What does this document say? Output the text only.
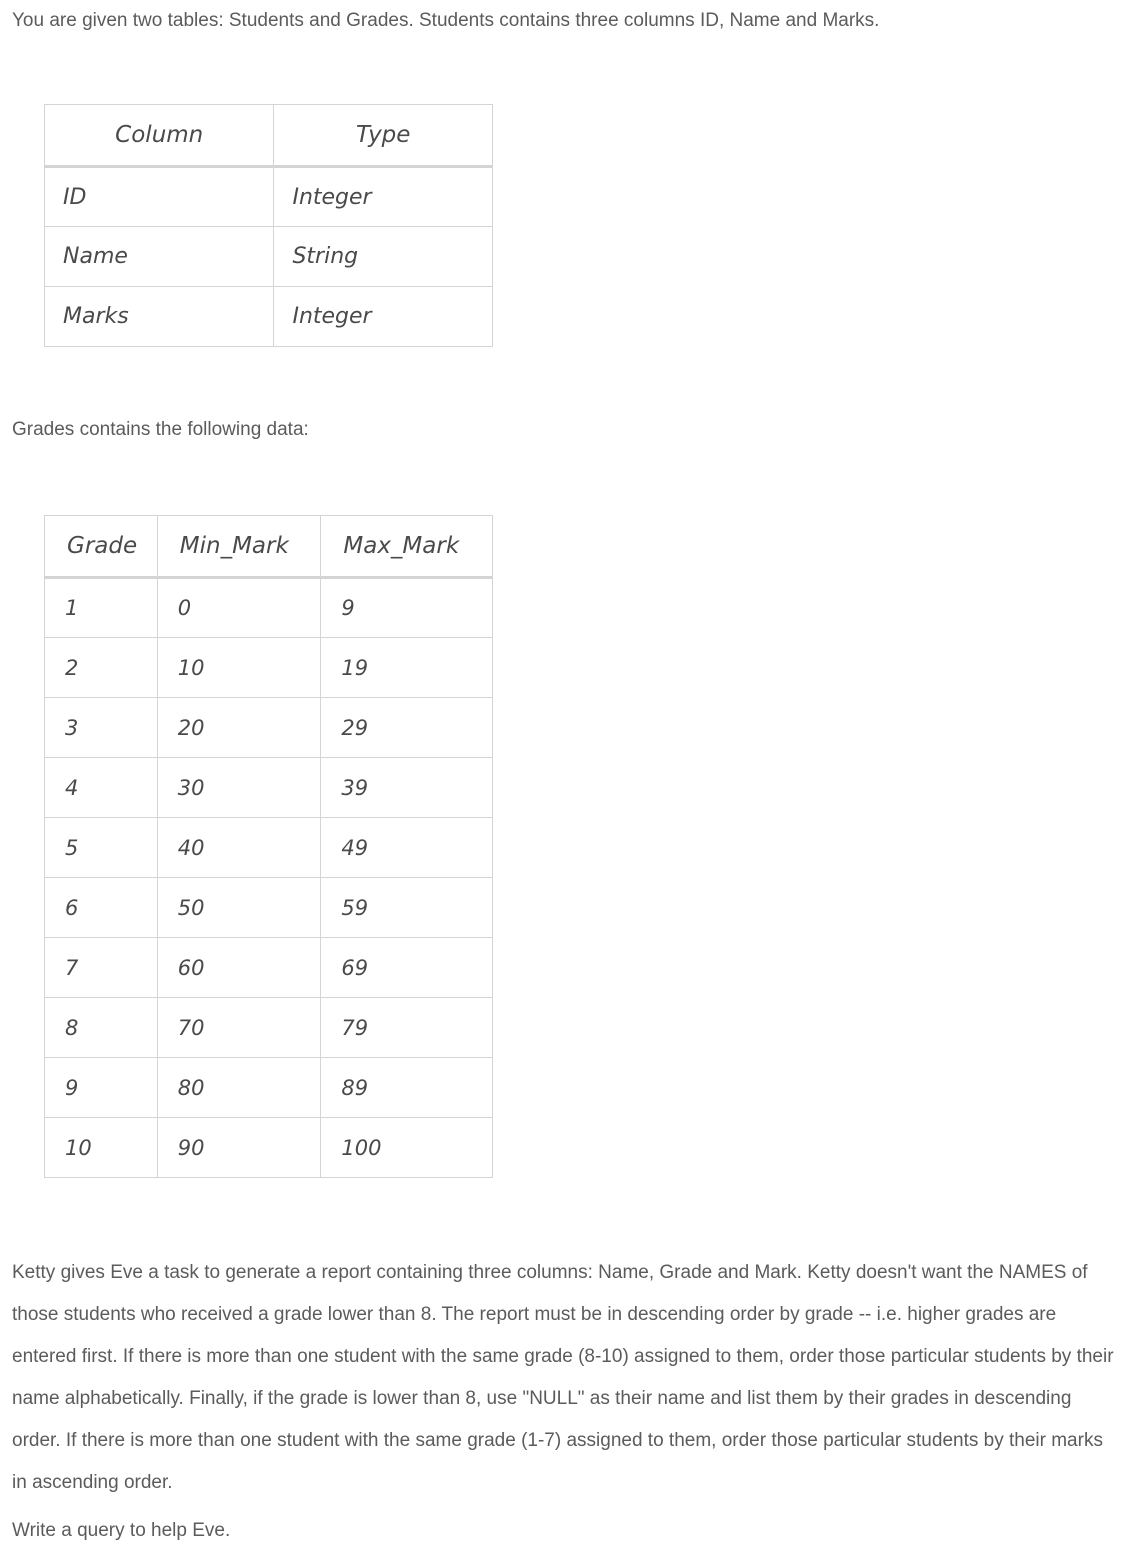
You are given two tables: Students and Grades. Students contains three columns ID, Name and Marks.

Column	Type
ID	Integer
Name	String
Marks	Integer

Grades contains the following data:

Grade	Min_Mark	Max_Mark
1	0	9
2	10	19
3	20	29
4	30	39
5	40	49
6	50	59
7	60	69
8	70	79
9	80	89
10	90	100

Ketty gives Eve a task to generate a report containing three columns: Name, Grade and Mark. Ketty doesn't want the NAMES of those students who received a grade lower than 8. The report must be in descending order by grade -- i.e. higher grades are entered first. If there is more than one student with the same grade (8-10) assigned to them, order those particular students by their name alphabetically. Finally, if the grade is lower than 8, use "NULL" as their name and list them by their grades in descending order. If there is more than one student with the same grade (1-7) assigned to them, order those particular students by their marks in ascending order.

Write a query to help Eve.
